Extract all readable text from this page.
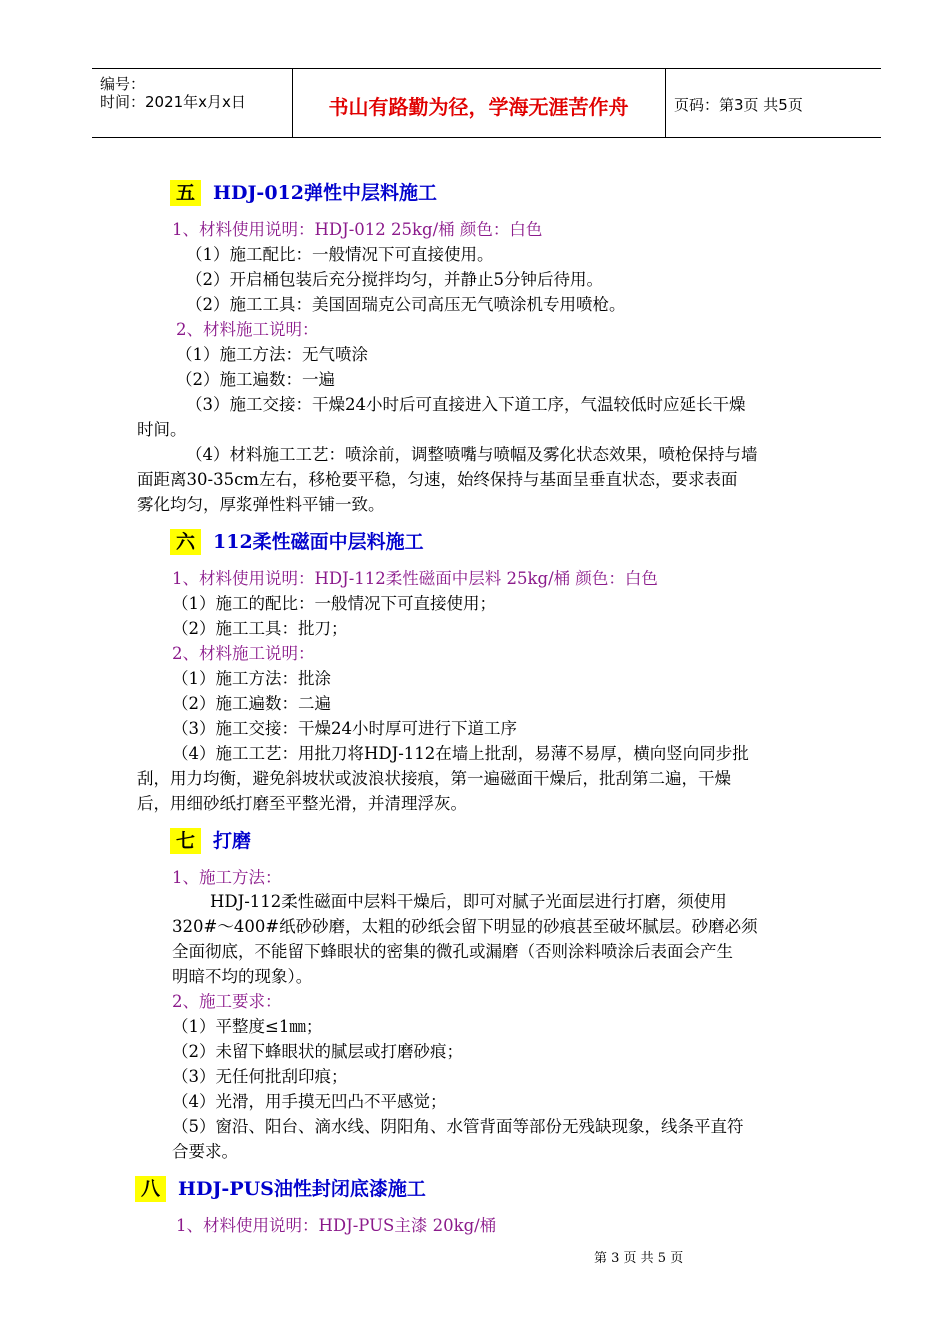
编号：
时间：2021年x月x日	书山有路勤为径，学海无涯苦作舟	页码：第3页 共5页
五 HDJ-012弹性中层料施工
1、材料使用说明：HDJ-012 25kg/桶 颜色：白色
（1）施工配比：一般情况下可直接使用。
（2）开启桶包装后充分搅拌均匀，并静止5分钟后待用。
（2）施工工具：美国固瑞克公司高压无气喷涂机专用喷枪。
2、材料施工说明：
（1）施工方法：无气喷涂
（2）施工遍数：一遍
（3）施工交接：干燥24小时后可直接进入下道工序，气温较低时应延长干燥
时间。
（4）材料施工工艺：喷涂前，调整喷嘴与喷幅及雾化状态效果，喷枪保持与墙
面距离30-35cm左右，移枪要平稳，匀速，始终保持与基面呈垂直状态，要求表面
雾化均匀，厚浆弹性料平铺一致。
六 112柔性磁面中层料施工
1、材料使用说明：HDJ-112柔性磁面中层料 25kg/桶 颜色：白色
（1）施工的配比：一般情况下可直接使用；
（2）施工工具：批刀；
2、材料施工说明：
（1）施工方法：批涂
（2）施工遍数：二遍
（3）施工交接：干燥24小时厚可进行下道工序
（4）施工工艺：用批刀将HDJ-112在墙上批刮，易薄不易厚，横向竖向同步批
刮，用力均衡，避免斜坡状或波浪状接痕，第一遍磁面干燥后，批刮第二遍，干燥
后，用细砂纸打磨至平整光滑，并清理浮灰。
七 打磨
1、施工方法：
HDJ-112柔性磁面中层料干燥后，即可对腻子光面层进行打磨，须使用
320#～400#纸砂砂磨，太粗的砂纸会留下明显的砂痕甚至破坏腻层。砂磨必须
全面彻底，不能留下蜂眼状的密集的微孔或漏磨（否则涂料喷涂后表面会产生
明暗不均的现象）。
2、施工要求：
（1）平整度≤1㎜；
（2）未留下蜂眼状的腻层或打磨砂痕；
（3）无任何批刮印痕；
（4）光滑，用手摸无凹凸不平感觉；
（5）窗沿、阳台、滴水线、阴阳角、水管背面等部份无残缺现象，线条平直符
合要求。
八 HDJ-PUS油性封闭底漆施工
1、材料使用说明：HDJ-PUS主漆 20kg/桶
第 3 页 共 5 页
